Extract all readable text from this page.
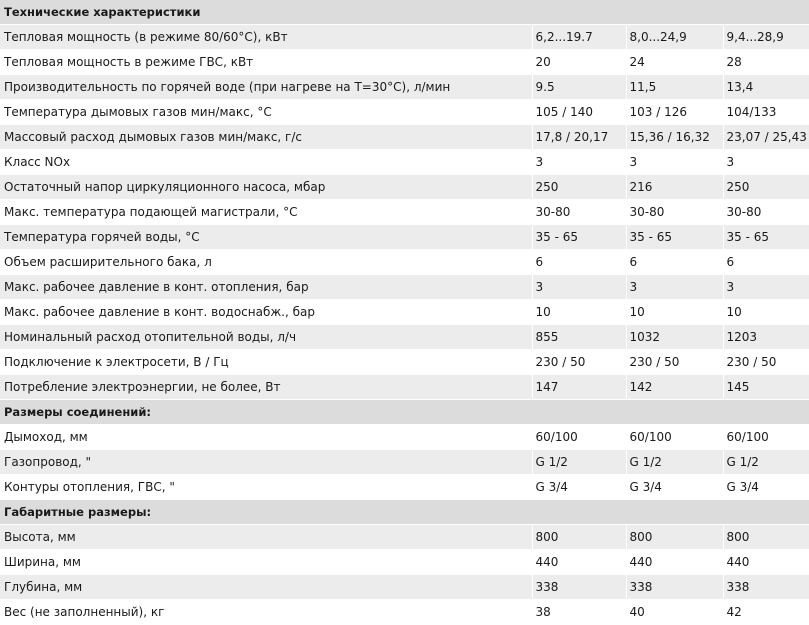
Технические характеристики			
Тепловая мощность (в режиме 80/60°С), кВт	6,2...19.7	8,0...24,9	9,4...28,9
Тепловая мощность в режиме ГВС, кВт	20	24	28
Производительность по горячей воде (при нагреве на Т=30°С), л/мин	9.5	11,5	13,4
Температура дымовых газов мин/макс, °С	105 / 140	103 / 126	104/133
Массовый расход дымовых газов мин/макс, г/с	17,8 / 20,17	15,36 / 16,32	23,07 / 25,43
Класс NOx	3	3	3
Остаточный напор циркуляционного насоса, мбар	250	216	250
Макс. температура подающей магистрали, °С	30-80	30-80	30-80
Температура горячей воды, °С	35 - 65	35 - 65	35 - 65
Объем расширительного бака, л	6	6	6
Макс. рабочее давление в конт. отопления, бар	3	3	3
Макс. рабочее давление в конт. водоснабж., бар	10	10	10
Номинальный расход отопительной воды, л/ч	855	1032	1203
Подключение к электросети, В / Гц	230 / 50	230 / 50	230 / 50
Потребление электроэнергии, не более, Вт	147	142	145
Размеры соединений:			
Дымоход, мм	60/100	60/100	60/100
Газопровод, "	G 1/2	G 1/2	G 1/2
Контуры отопления, ГВС, "	G 3/4	G 3/4	G 3/4
Габаритные размеры:			
Высота, мм	800	800	800
Ширина, мм	440	440	440
Глубина, мм	338	338	338
Вес (не заполненный), кг	38	40	42
